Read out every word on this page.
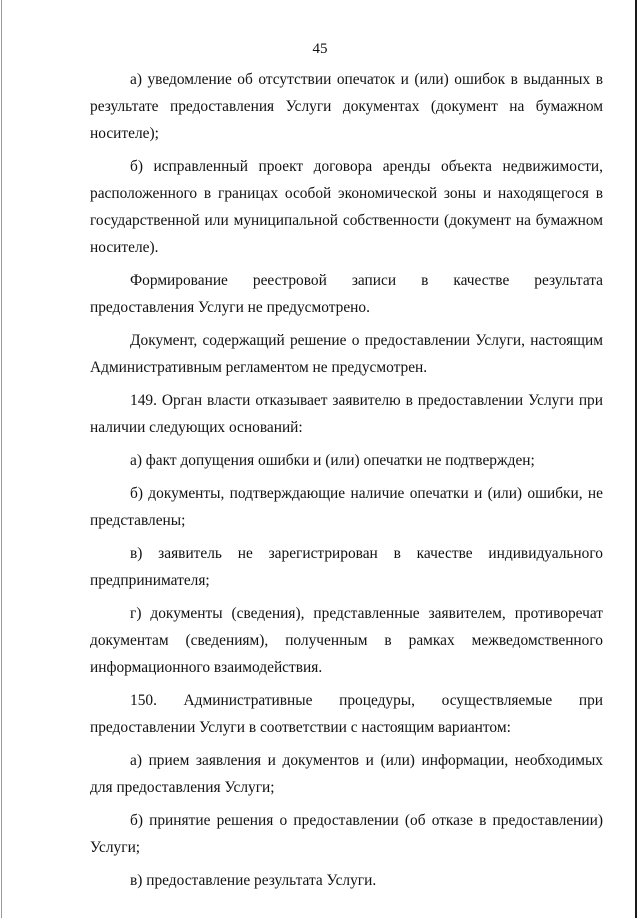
45

а) уведомление об отсутствии опечаток и (или) ошибок в выданных в результате предоставления Услуги документах (документ на бумажном носителе);

б) исправленный проект договора аренды объекта недвижимости, расположенного в границах особой экономической зоны и находящегося в государственной или муниципальной собственности (документ на бумажном носителе).

Формирование реестровой записи в качестве результата предоставления Услуги не предусмотрено.

Документ, содержащий решение о предоставлении Услуги, настоящим Административным регламентом не предусмотрен.

149. Орган власти отказывает заявителю в предоставлении Услуги при наличии следующих оснований:

а) факт допущения ошибки и (или) опечатки не подтвержден;

б) документы, подтверждающие наличие опечатки и (или) ошибки, не представлены;

в) заявитель не зарегистрирован в качестве индивидуального предпринимателя;

г) документы (сведения), представленные заявителем, противоречат документам (сведениям), полученным в рамках межведомственного информационного взаимодействия.

150. Административные процедуры, осуществляемые при предоставлении Услуги в соответствии с настоящим вариантом:

а) прием заявления и документов и (или) информации, необходимых для предоставления Услуги;

б) принятие решения о предоставлении (об отказе в предоставлении) Услуги;

в) предоставление результата Услуги.
